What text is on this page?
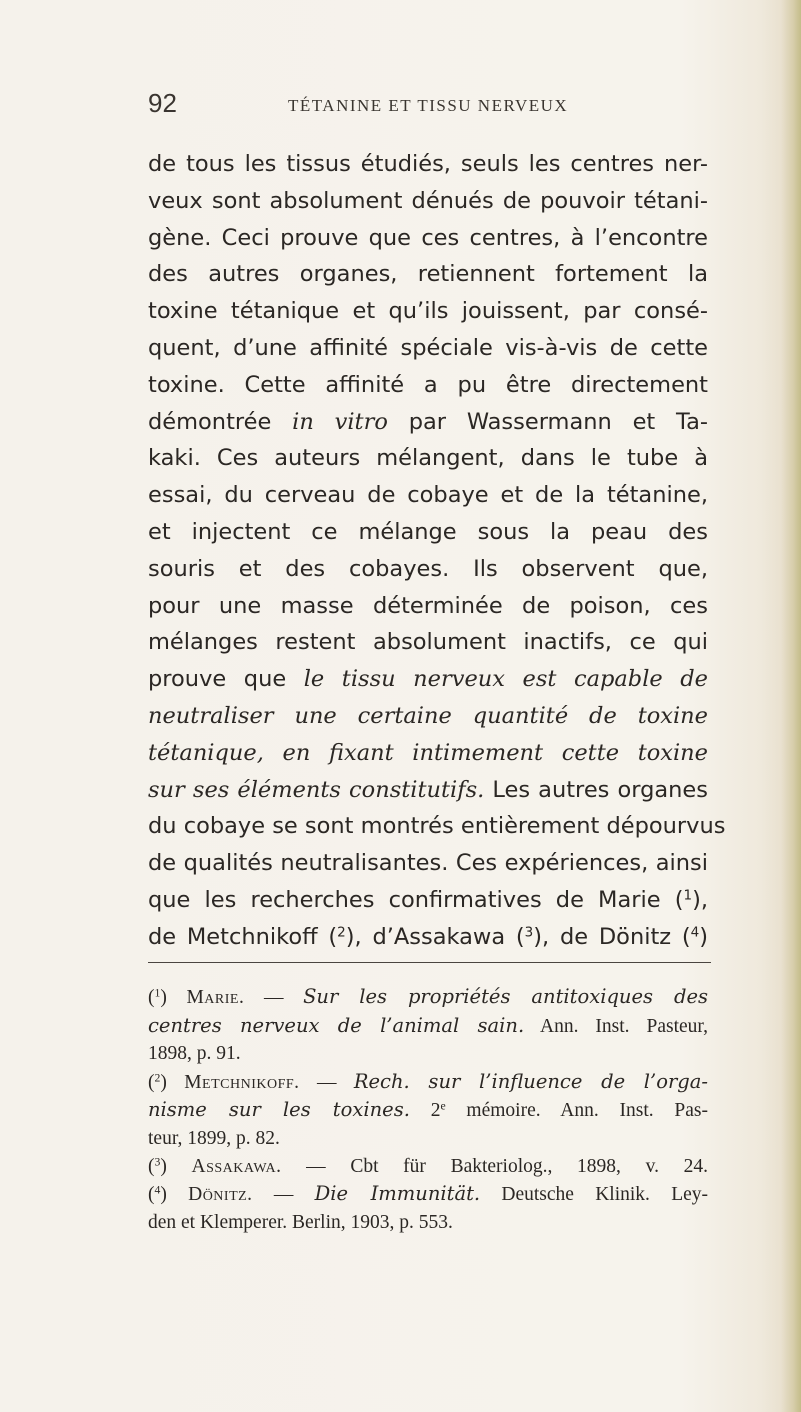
92	TÉTANINE ET TISSU NERVEUX
de tous les tissus étudiés, seuls les centres ner-
veux sont absolument dénués de pouvoir tétani-
gène. Ceci prouve que ces centres, à l’encontre
des autres organes, retiennent fortement la
toxine tétanique et qu’ils jouissent, par consé-
quent, d’une affinité spéciale vis-à-vis de cette
toxine. Cette affinité a pu être directement
démontrée in vitro par Wassermann et Ta-
kaki. Ces auteurs mélangent, dans le tube à
essai, du cerveau de cobaye et de la tétanine,
et injectent ce mélange sous la peau des
souris et des cobayes. Ils observent que,
pour une masse déterminée de poison, ces
mélanges restent absolument inactifs, ce qui
prouve que le tissu nerveux est capable de
neutraliser une certaine quantité de toxine
tétanique, en fixant intimement cette toxine
sur ses éléments constitutifs. Les autres organes
du cobaye se sont montrés entièrement dépourvus
de qualités neutralisantes. Ces expériences, ainsi
que les recherches confirmatives de Marie ($^1$),
de Metchnikoff ($^2$), d’Assakawa ($^3$), de Dönitz ($^4$)
($^1$) Marie. — Sur les propriétés antitoxiques des
centres nerveux de l’animal sain. Ann. Inst. Pasteur,
1898, p. 91.
($^2$) Metchnikoff. — Rech. sur l’influence de l’orga-
nisme sur les toxines. 2e mémoire. Ann. Inst. Pas-
teur, 1899, p. 82.
($^3$) Assakawa. — Cbt für Bakteriolog., 1898, v. 24.
($^4$) Dönitz. — Die Immunität. Deutsche Klinik. Ley-
den et Klemperer. Berlin, 1903, p. 553.
